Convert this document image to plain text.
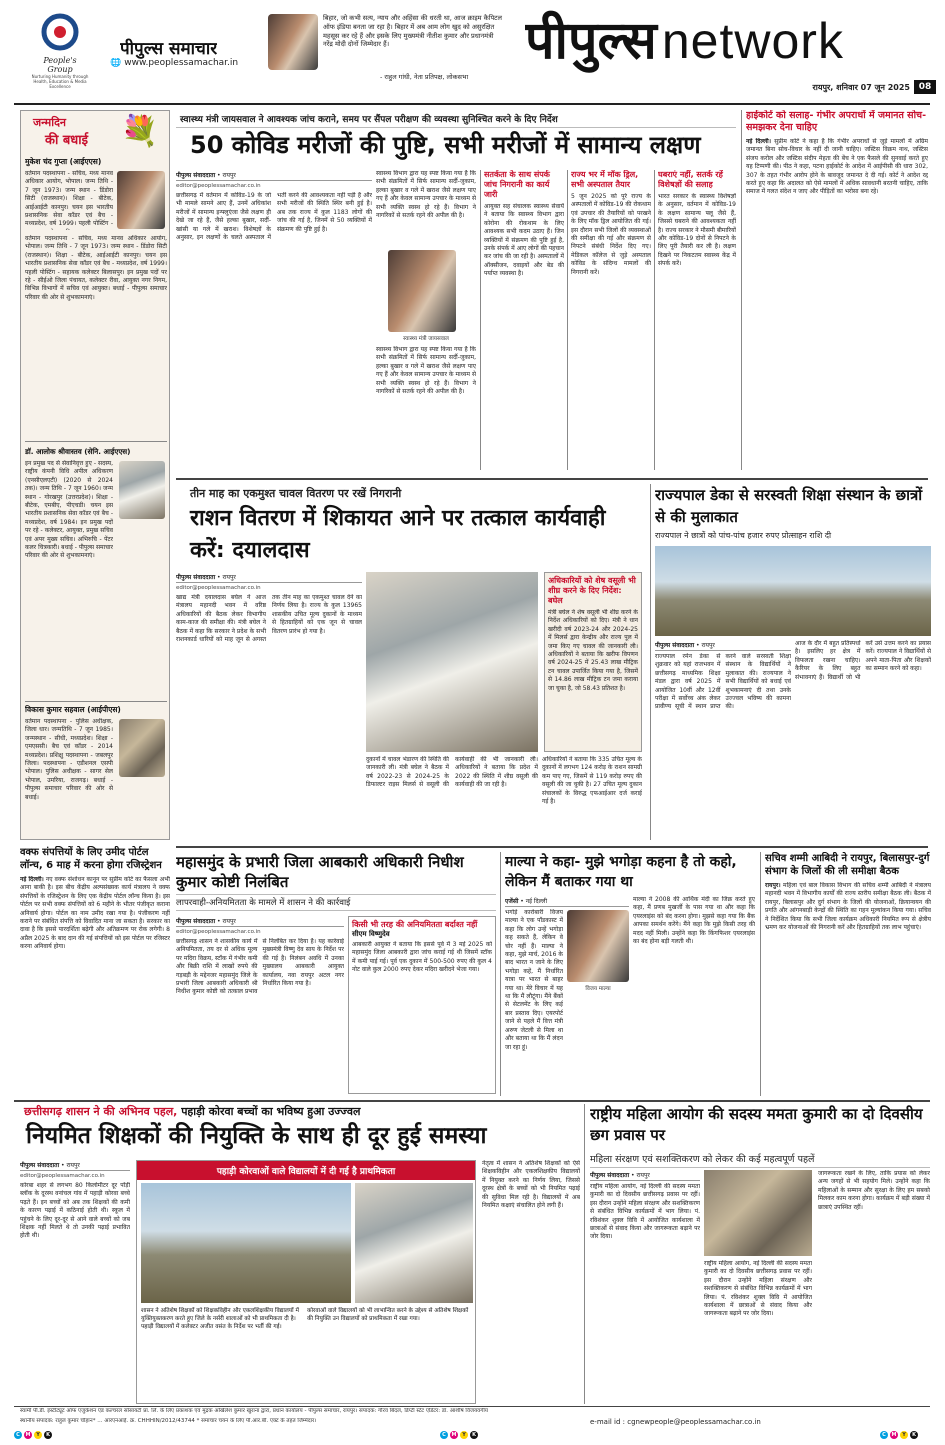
People's Group
Nurturing Humanity through Health, Education & Media Excellence
पीपुल्स समाचार
🌐 www.peoplessamachar.in
बिहार, जो कभी सत्य, न्याय और अहिंसा की धरती था, आज क्राइम कैपिटल ऑफ इंडिया बनता जा रहा है। बिहार में अब आम लोग खुद को असुरक्षित महसूस कर रहे हैं और इसके लिए मुख्यमंत्री नीतीश कुमार और प्रधानमंत्री नरेंद्र मोदी दोनों जिम्मेदार हैं।
- राहुल गांधी, नेता प्रतिपक्ष, लोकसभा
पीपुल्स network
रायपुर, शनिवार 07 जून 2025 08
जन्मदिन
की बधाई	💐
मुकेश चंद गुप्ता (आईएएस)
वर्तमान पदस्थापना - सचिव, मध्य मानव अधिकार आयोग, भोपाल। जन्म तिथि - 7 जून 1973। जन्म स्थान - डिंडोरा सिटी (राजस्थान)। शिक्षा - बीटेक, आईआईटी कानपुर। चयन इस भारतीय प्रशासनिक सेवा कॉडर एवं बैच - मध्यप्रदेश, वर्ष 1999। पहली पोस्टिंग -
वर्तमान पदस्थापना - सचिव, मध्य मानव अधिकार आयोग, भोपाल। जन्म तिथि - 7 जून 1973। जन्म स्थान - डिंडोरा सिटी (राजस्थान)। शिक्षा - बीटेक, आईआईटी कानपुर। चयन इस भारतीय प्रशासनिक सेवा कॉडर एवं बैच - मध्यप्रदेश, वर्ष 1999। पहली पोस्टिंग - सहायक कलेक्टर बिलासपुर। इन प्रमुख पदों पर रहे - सीईओ जिला पंचायत, कलेक्टर रीवा, आयुक्त नगर निगम, विभिन्न विभागों में सचिव एवं आयुक्त। बधाई - पीपुल्स समाचार परिवार की ओर से शुभकामनाएं।
डॉ. आलोक श्रीवास्तव (सेनि. आईएएस)
इन प्रमुख पद से सेवानिवृत्त हुए - सदस्य, राष्ट्रीय कंपनी विधि अपील अधिकरण (एनसीएलएटी) (2020 से 2024 तक)। जन्म तिथि - 7 जून 1960। जन्म स्थान - गोरखपुर (उत्तरप्रदेश)। शिक्षा - बीटेक, एमबीए, पीएचडी। चयन इस भारतीय प्रशासनिक सेवा कॉडर एवं बैच - मध्यप्रदेश, वर्ष 1984। इन प्रमुख पदों पर रहे - कलेक्टर, आयुक्त, प्रमुख सचिव एवं अपर मुख्य सचिव। अभिरुचि - पेंटर कलर चित्रकारी। बधाई - पीपुल्स समाचार परिवार की ओर से शुभकामनाएं।
विकास कुमार सहवाल (आईपीएस)
वर्तमान पदस्थापना - पुलिस अधीक्षक, जिला धार। जन्मतिथि - 7 जून 1985। जन्मस्थान - सीधी, मध्यप्रदेश। शिक्षा - एमएससी। बैच एवं कॉडर - 2014 मध्यप्रदेश। प्रशिक्षु पदस्थापना - जबलपुर जिला। पदस्थापना - एडीशनल एसपी भोपाल। पुलिस अधीक्षक - सागर सेल भोपाल, उमरिया, राजगढ़। बधाई - पीपुल्स समाचार परिवार की ओर से बधाई।
वक्फ संपत्तियों के लिए उमीद पोर्टल लॉन्च, 6 माह में करना होगा रजिस्ट्रेशन
नई दिल्ली। नए वक्फ संशोधन कानून पर सुप्रीम कोर्ट का फैसला अभी आना बाकी है। इस बीच केंद्रीय अल्पसंख्यक कार्य मंत्रालय ने वक्फ संपत्तियों के रजिस्ट्रेशन के लिए एक केंद्रीय पोर्टल लॉन्च किया है। इस पोर्टल पर सभी वक्फ संपत्तियों को 6 महीने के भीतर पंजीकृत कराना अनिवार्य होगा। पोर्टल का नाम उमीद रखा गया है। पंजीकरण नहीं कराने पर संबंधित संपत्ति को विवादित माना जा सकता है। सरकार का दावा है कि इससे पारदर्शिता बढ़ेगी और अतिक्रमण पर रोक लगेगी। 8 अप्रैल 2025 के बाद दान की गई संपत्तियों को इस पोर्टल पर रजिस्टर करना अनिवार्य होगा।
स्वास्थ्य मंत्री जायसवाल ने आवश्यक जांच कराने, समय पर सैंपल परीक्षण की व्यवस्था सुनिश्चित करने के दिए निर्देश
50 कोविड मरीजों की पुष्टि, सभी मरीजों में सामान्य लक्षण
पीपुल्स संवाददाता • रायपुर
editor@peoplessamachar.co.in
छत्तीसगढ़ में वर्तमान में कोविड-19 के जो भी मामले सामने आए हैं, उनमें अधिकांश मरीजों में सामान्य इन्फ्लुएंजा जैसे लक्षण ही देखे जा रहे हैं, जैसे हल्का बुखार, सर्दी-खांसी या गले में खराश। विशेषज्ञों के अनुसार, इन लक्षणों के चलते अस्पताल में भर्ती करने की आवश्यकता नहीं पड़ी है और सभी मरीजों की स्थिति स्थिर बनी हुई है। अब तक राज्य में कुल 1183 लोगों की जांच की गई है, जिनमें से 50 व्यक्तियों में संक्रमण की पुष्टि हुई है।
स्वास्थ्य विभाग द्वारा यह स्पष्ट किया गया है कि सभी संक्रमितों में सिर्फ सामान्य सर्दी-जुकाम, हल्का बुखार व गले में खराश जैसे लक्षण पाए गए हैं और केवल सामान्य उपचार के माध्यम से सभी व्यक्ति स्वस्थ हो रहे हैं। विभाग ने नागरिकों से सतर्क रहने की अपील की है।
स्वास्थ्य मंत्री जायसवाल
स्वास्थ्य विभाग द्वारा यह स्पष्ट किया गया है कि सभी संक्रमितों में सिर्फ सामान्य सर्दी-जुकाम, हल्का बुखार व गले में खराश जैसे लक्षण पाए गए हैं और केवल सामान्य उपचार के माध्यम से सभी व्यक्ति स्वस्थ हो रहे हैं। विभाग ने नागरिकों से सतर्क रहने की अपील की है।
सतर्कता के साथ संपर्क जांच निगरानी का कार्य जारी
आयुक्त सह संचालक स्वास्थ्य सेवायें ने बताया कि स्वास्थ्य विभाग द्वारा कोरोना की रोकथाम के लिए आवश्यक सभी कदम उठाए हैं। जिन व्यक्तियों में संक्रमण की पुष्टि हुई है, उनके संपर्क में आए लोगों की पहचान कर जांच की जा रही है। अस्पतालों में ऑक्सीजन, दवाइयों और बेड की पर्याप्त व्यवस्था है।
राज्य भर में मॉक ड्रिल, सभी अस्पताल तैयार
5 जून 2025 को पूरे राज्य के अस्पतालों में कोविड-19 की रोकथाम एवं उपचार की तैयारियों को परखने के लिए मॉक ड्रिल आयोजित की गई। इस दौरान सभी जिलों की व्यवस्थाओं की समीक्षा की गई और संक्रमण से निपटने संबंधी निर्देश दिए गए। मेडिकल कॉलेज से जुड़े अस्पताल कोविड के संदिग्ध मामलों की निगरानी करें।
घबराएं नहीं, सतर्क रहें विशेषज्ञों की सलाह
भारत सरकार के स्वास्थ्य विशेषज्ञों के अनुसार, वर्तमान में कोविड-19 के लक्षण सामान्य फ्लू जैसे हैं, जिससे घबराने की आवश्यकता नहीं है। राज्य सरकार ने मौसमी बीमारियों और कोविड-19 दोनों से निपटने के लिए पूरी तैयारी कर ली है। लक्षण दिखने पर निकटतम स्वास्थ्य केंद्र में संपर्क करें।
हाईकोर्ट को सलाह- गंभीर अपराधों में जमानत सोच-समझकर देना चाहिए
नई दिल्ली। सुप्रीम कोर्ट ने कहा है कि गंभीर अपराधों से जुड़े मामलों में अग्रिम जमानत बिना सोच-विचार के नहीं दी जानी चाहिए। जस्टिस विक्रम नाथ, जस्टिस संजय करोल और जस्टिस संदीप मेहता की बेंच ने एक फैसले की सुनवाई करते हुए यह टिप्पणी की। पीठ ने कहा, पटना हाईकोर्ट के आदेश में आईपीसी की धारा 302, 307 के तहत गंभीर आरोप होने के बावजूद जमानत दे दी गई। कोर्ट ने आदेश रद्द करते हुए कहा कि अदालत को ऐसे मामलों में अधिक सावधानी बरतनी चाहिए, ताकि समाज में गलत संदेश न जाए और पीड़ितों का भरोसा बना रहे।
तीन माह का एकमुश्त चावल वितरण पर रखें निगरानी
राशन वितरण में शिकायत आने पर तत्काल कार्यवाही करें: दयालदास
पीपुल्स संवाददाता • रायपुर
editor@peoplessamachar.co.in
खाद्य मंत्री दयालदास बघेल ने आज मंत्रालय महानदी भवन में वरिष्ठ अधिकारियों की बैठक लेकर विभागीय काम-काज की समीक्षा की। मंत्री बघेल ने बैठक में कहा कि सरकार ने प्रदेश के सभी राशनकार्ड धारियों को माह जून से अगस्त तक तीन माह का एकमुश्त चावल देने का निर्णय लिया है। राज्य के कुल 13965 शासकीय उचित मूल्य दुकानों के माध्यम से हितग्राहियों को एक जून से चावल वितरण प्रारंभ हो गया है।
दुकानों में चावल भंडारण की स्थिति की जानकारी ली। मंत्री बघेल ने बैठक में वर्ष 2022-23 से 2024-25 के डिफाल्टर राइस मिलर्स से वसूली की कार्यवाही की भी जानकारी ली। अधिकारियों ने बताया कि प्रदेश में 2022 की स्थिति में शीघ्र वसूली की कार्यवाही की जा रही है।
अधिकारियों ने बताया कि 335 उचित मूल्य के दुकानों में लगभग 124 करोड़ के राशन सामग्री कम पाए गए, जिसमें से 119 करोड़ रुपए की वसूली की जा चुकी है। 27 उचित मूल्य दुकान संचालकों के विरुद्ध एफआईआर दर्ज कराई गई है।
अधिकारियों को शेष वसूली भी शीघ्र करने के दिए निर्देश: बघेल
मंत्री बघेल ने शेष वसूली भी शीघ्र करने के निर्देश अधिकारियों को दिए। मंत्री ने धान खरीदी वर्ष 2023-24 और 2024-25 में मिलर्स द्वारा केन्द्रीय और राज्य पूल में जमा किए गए चावल की जानकारी ली। अधिकारियों ने बताया कि खरीफ विपणन वर्ष 2024-25 में 25.43 लाख मीट्रिक टन चावल उपार्जित किया गया है, जिसमें से 14.86 लाख मीट्रिक टन जमा कराया जा चुका है, जो 58.43 प्रतिशत है।
राज्यपाल डेका से सरस्वती शिक्षा संस्थान के छात्रों से की मुलाकात
राज्यपाल ने छात्रों को पांच-पांच हजार रुपए प्रोत्साहन राशि दी
पीपुल्स संवाददाता • रायपुर
राज्यपाल रमेन डेका से शुक्रवार को यहां राजभवन में छत्तीसगढ़ माध्यमिक शिक्षा मंडल द्वारा वर्ष 2025 में आयोजित 10वीं और 12वीं परीक्षा में सर्वोच्च अंक लेकर प्रावीण्य सूची में स्थान प्राप्त करने वाले सरस्वती शिक्षा संस्थान के विद्यार्थियों ने मुलाकात की। राज्यपाल ने सभी विद्यार्थियों को बधाई एवं शुभकामनाएं दी तथा उनके उज्ज्वल भविष्य की कामना की।
आज के दौर में बहुत प्रतिस्पर्धा है। इसलिए हर क्षेत्र में विफलता रखना चाहिए। कैरियर के लिए बहुत संभावनाएं हैं। विद्यार्थी जो भी करें उसे उत्तम करने का प्रयास करें। राज्यपाल ने विद्यार्थियों से अपने माता-पिता और शिक्षकों का सम्मान करने को कहा।
महासमुंद के प्रभारी जिला आबकारी अधिकारी निधीश कुमार कोष्टी निलंबित
लापरवाही-अनियमितता के मामले में शासन ने की कार्रवाई
पीपुल्स संवाददाता • रायपुर
editor@peoplessamachar.co.in
छत्तीसगढ़ शासन ने शासकीय कार्य में अनियमितता, तय दर से अधिक मूल्य पर मदिरा विक्रय, स्टॉक में गंभीर कमी और बिक्री राशि में लाखों रुपये की गड़बड़ी के मद्देनजर महासमुंद जिले के प्रभारी जिला आबकारी अधिकारी श्री निधीश कुमार कोष्टी को तत्काल प्रभाव से निलंबित कर दिया है। यह कार्रवाई मुख्यमंत्री विष्णु देव साय के निर्देश पर की गई है। निलंबन अवधि में उनका मुख्यालय आबकारी आयुक्त कार्यालय, नवा रायपुर अटल नगर निर्धारित किया गया है।
किसी भी तरह की अनियमितता बर्दाश्त नहीं
सीएम विष्णुदेव
आबकारी आयुक्त ने बताया कि इससे पूर्व में 3 मई 2025 को महासमुंद जिला आबकारी द्वारा जांच कराई गई थी जिसमें स्टॉक में कमी पाई गई। पूर्व एक दुकान में 500-500 रुपए की कुल 4 नोट वाले कुल 2000 रुपए देकर मदिरा खरीदने भेजा गया।
माल्या ने कहा- मुझे भगोड़ा कहना है तो कहो, लेकिन मैं बताकर गया था
एजेंसी • नई दिल्ली
विजय माल्या
भगोड़े कारोबारी विजय माल्या ने एक पॉडकास्ट में कहा कि लोग उन्हें भगोड़ा कह सकते हैं, लेकिन वे चोर नहीं हैं। माल्या ने कहा, मुझे मार्च, 2016 के बाद भारत न जाने के लिए भगोड़ा कहें, मैं निर्धारित यात्रा पर भारत से बाहर गया था। मेरे विचार में यह था कि मैं लौटूंगा। मैंने बैंकों से सेटलमेंट के लिए कई बार प्रस्ताव दिए। एयरपोर्ट जाने से पहले मैं वित्त मंत्री अरुण जेटली से मिला था और बताया था कि मैं लंदन जा रहा हूं।
माल्या ने 2008 की आर्थिक मंदी का जिक्र करते हुए कहा, मैं प्रणब मुखर्जी के पास गया था और कहा कि एयरलाइंस को बंद करना होगा। मुझसे कहा गया कि बैंक आपका समर्थन करेंगे। मैंने कहा कि मुझे किसी तरह की मदद नहीं मिली। उन्होंने कहा कि किंगफिशर एयरलाइंस का बंद होना बड़ी गलती थी।
सचिव शम्मी आबिदी ने रायपुर, बिलासपुर-दुर्ग संभाग के जिलों की ली समीक्षा बैठक
रायपुर। महिला एवं बाल विकास विभाग की सचिव शम्मी आबिदी ने मंत्रालय महानदी भवन में विभागीय कार्यों की राज्य स्तरीय समीक्षा बैठक ली। बैठक में रायपुर, बिलासपुर और दुर्ग संभाग के जिलों की योजनाओं, क्रियान्वयन की प्रगति और आंगनबाड़ी केन्द्रों की स्थिति का गहन मूल्यांकन किया गया। सचिव ने निर्देशित किया कि सभी जिला कार्यक्रम अधिकारी नियमित रूप से क्षेत्रीय भ्रमण कर योजनाओं की निगरानी करें और हितग्राहियों तक लाभ पहुंचाएं।
छत्तीसगढ़ शासन ने की अभिनव पहल, पहाड़ी कोरवा बच्चों का भविष्य हुआ उज्ज्वल
नियमित शिक्षकों की नियुक्ति के साथ ही दूर हुई समस्या
पीपुल्स संवाददाता • रायपुर
editor@peoplessamachar.co.in
कोरबा शहर से लगभग 80 किलोमीटर दूर पोंड़ी ब्लॉक के दूरस्थ वनांचल गांव में पहाड़ी कोरवा बच्चे पढ़ते हैं। इन बच्चों को अब तक शिक्षकों की कमी के कारण पढ़ाई में कठिनाई होती थी। स्कूल में पहुंचने के लिए दूर-दूर से आने वाले बच्चों को जब शिक्षक नहीं मिलते थे तो उनकी पढ़ाई प्रभावित होती थी।
पहाड़ी कोरवाओं वाले विद्यालयों में दी गई है प्राथमिकता
शासन ने अतिशेष शिक्षकों को शिक्षकविहीन और एकलशिक्षकीय विद्यालयों में युक्तियुक्तकरण करते हुए जिले के नर्सरी शालाओं को भी प्राथमिकता दी है। पहाड़ी विद्यालयों में कलेक्टर अजीत वसंत के निर्देश पर भर्ती की गई।
कोरवाओं वाले विद्यालयों को भी लाभान्वित करने के उद्देश्य से अतिशेष शिक्षकों की नियुक्ति उन विद्यालयों को प्राथमिकता में रखा गया।
नेतृत्व में शासन ने अतिशेष शिक्षकों को ऐसे शिक्षकविहीन और एकलशिक्षकीय विद्यालयों में नियुक्त करने का निर्णय लिया, जिससे दूरस्थ क्षेत्रों के बच्चों को भी नियमित पढ़ाई की सुविधा मिल रही है। विद्यालयों में अब नियमित कक्षाएं संचालित होने लगी हैं।
राष्ट्रीय महिला आयोग की सदस्य ममता कुमारी का दो दिवसीय छग प्रवास पर
महिला संरक्षण एवं सशक्तिकरण को लेकर की कई महत्वपूर्ण पहलें
पीपुल्स संवाददाता • रायपुर
राष्ट्रीय महिला आयोग, नई दिल्ली की सदस्य ममता कुमारी का दो दिवसीय छत्तीसगढ़ प्रवास पर रहीं। इस दौरान उन्होंने महिला संरक्षण और सशक्तिकरण से संबंधित विभिन्न कार्यक्रमों में भाग लिया। पं. रविशंकर शुक्ल विवि में आयोजित कार्यशाला में छात्राओं से संवाद किया और जागरूकता बढ़ाने पर जोर दिया।
राष्ट्रीय महिला आयोग, नई दिल्ली की सदस्य ममता कुमारी का दो दिवसीय छत्तीसगढ़ प्रवास पर रहीं। इस दौरान उन्होंने महिला संरक्षण और सशक्तिकरण से संबंधित विभिन्न कार्यक्रमों में भाग लिया। पं. रविशंकर शुक्ल विवि में आयोजित कार्यशाला में छात्राओं से संवाद किया और जागरूकता बढ़ाने पर जोर दिया।
जागरूकता रखने के लिए, ताकि प्रयास को लेकर अन्य जगहों से भी सहयोग मिले। उन्होंने कहा कि महिलाओं के सम्मान और सुरक्षा के लिए हम सबको मिलकर काम करना होगा। कार्यक्रम में बड़ी संख्या में छात्राएं उपस्थित रहीं।
स्वामी पी.डी. इंस्टीट्यूट ऑफ एजुकेशन एंड कल्चरल सोसायटी प्रा. लि. के लिए प्रकाशक एवं मुद्रक अखिलेश कुमार खुराना द्वारा, प्रधान कार्यालय - पीपुल्स समाचार, रायपुर। संपादक: गौरव बिंदल, डिप्टी स्टेट एडिटर: डॉ. आशीष विजयवर्गीय
स्थानीय संपादक: राहुल कुमार चौहान* ... आरएनआई. क्र. CHHHIN/2012/43744 * समाचार चयन के लिए पी.आर.बी. एक्ट के तहत जिम्मेदार।	e-mail id : cgnewpeople@peoplessamachar.co.in
C	M	Y	K	C	M	Y	K	C	M	Y	K
